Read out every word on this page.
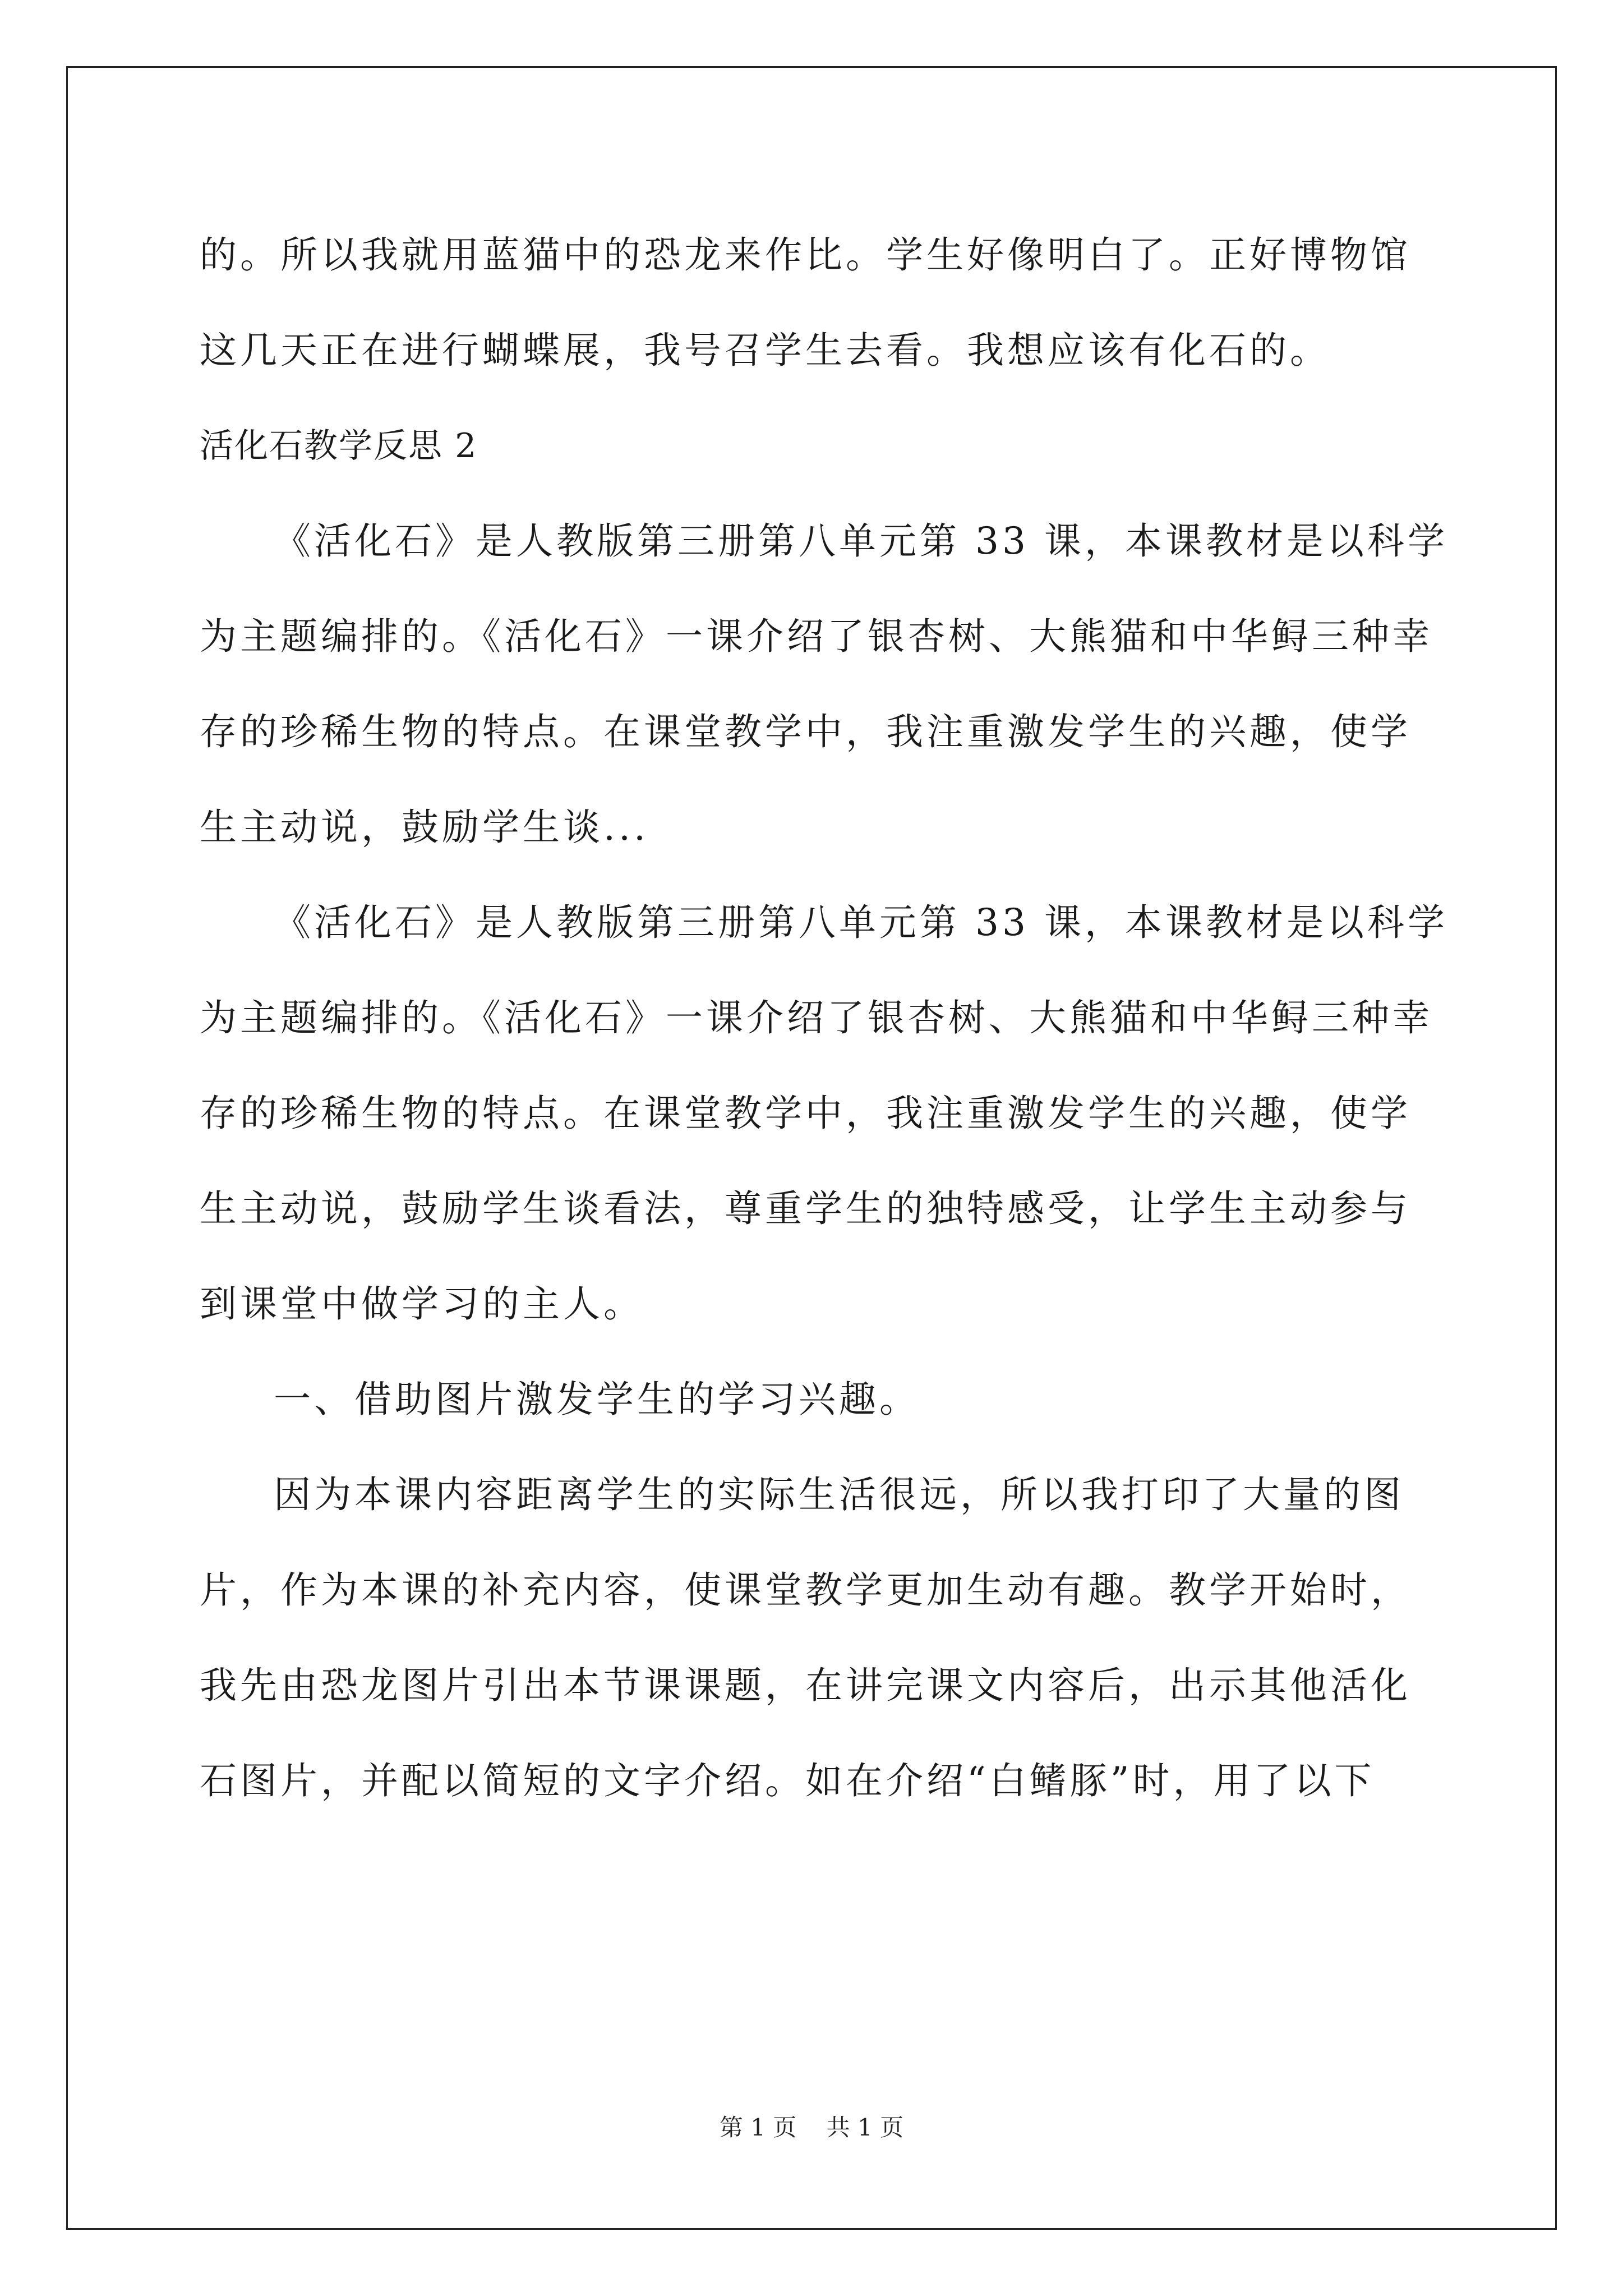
的。所以我就用蓝猫中的恐龙来作比。学生好像明白了。正好博物馆
这几天正在进行蝴蝶展，我号召学生去看。我想应该有化石的。
活化石教学反思 2
《活化石》是人教版第三册第八单元第 33 课，本课教材是以科学
为主题编排的。《活化石》一课介绍了银杏树、大熊猫和中华鲟三种幸
存的珍稀生物的特点。在课堂教学中，我注重激发学生的兴趣，使学
生主动说，鼓励学生谈...
《活化石》是人教版第三册第八单元第 33 课，本课教材是以科学
为主题编排的。《活化石》一课介绍了银杏树、大熊猫和中华鲟三种幸
存的珍稀生物的特点。在课堂教学中，我注重激发学生的兴趣，使学
生主动说，鼓励学生谈看法，尊重学生的独特感受，让学生主动参与
到课堂中做学习的主人。
一、借助图片激发学生的学习兴趣。
因为本课内容距离学生的实际生活很远，所以我打印了大量的图
片，作为本课的补充内容，使课堂教学更加生动有趣。教学开始时，
我先由恐龙图片引出本节课课题，在讲完课文内容后，出示其他活化
石图片，并配以简短的文字介绍。如在介绍“白鳍豚”时，用了以下
第 1 页 共 1 页
